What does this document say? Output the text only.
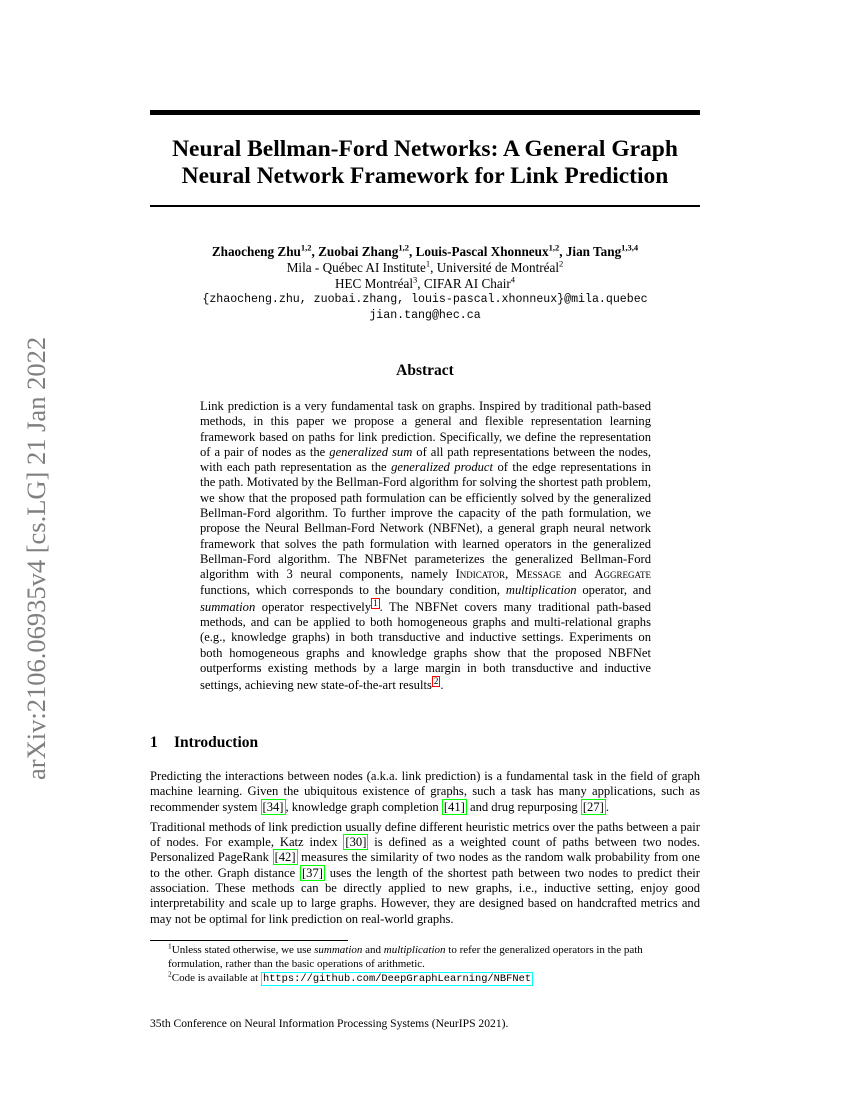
Neural Bellman-Ford Networks: A General Graph
Neural Network Framework for Link Prediction
arXiv:2106.06935v4 [cs.LG] 21 Jan 2022
Zhaocheng Zhu$^{1,2}$, Zuobai Zhang$^{1,2}$, Louis-Pascal Xhonneux$^{1,2}$, Jian Tang$^{1,3,4}$
Mila - Québec AI Institute$^1$, Université de Montréal$^2$
HEC Montréal$^3$, CIFAR AI Chair$^4$
{zhaocheng.zhu, zuobai.zhang, louis-pascal.xhonneux}@mila.quebec
jian.tang@hec.ca
Abstract
Link prediction is a very fundamental task on graphs. Inspired by traditional path-based methods, in this paper we propose a general and flexible representation learning framework based on paths for link prediction. Specifically, we define the representation of a pair of nodes as the generalized sum of all path representations between the nodes, with each path representation as the generalized product of the edge representations in the path. Motivated by the Bellman-Ford algorithm for solving the shortest path problem, we show that the proposed path formulation can be efficiently solved by the generalized Bellman-Ford algorithm. To further improve the capacity of the path formulation, we propose the Neural Bellman-Ford Network (NBFNet), a general graph neural network framework that solves the path formulation with learned operators in the generalized Bellman-Ford algorithm. The NBFNet parameterizes the generalized Bellman-Ford algorithm with 3 neural components, namely Indicator, Message and Aggregate functions, which corresponds to the boundary condition, multiplication operator, and summation operator respectively 1 . The NBFNet covers many traditional path-based methods, and can be applied to both homogeneous graphs and multi-relational graphs (e.g., knowledge graphs) in both transductive and inductive settings. Experiments on both homogeneous graphs and knowledge graphs show that the proposed NBFNet outperforms existing methods by a large margin in both transductive and inductive settings, achieving new state-of-the-art results 2 .
1 Introduction

Predicting the interactions between nodes (a.k.a. link prediction) is a fundamental task in the field of graph machine learning. Given the ubiquitous existence of graphs, such a task has many applications, such as recommender system [34] , knowledge graph completion [41] and drug repurposing [27] .

Traditional methods of link prediction usually define different heuristic metrics over the paths between a pair of nodes. For example, Katz index [30] is defined as a weighted count of paths between two nodes. Personalized PageRank [42] measures the similarity of two nodes as the random walk probability from one to the other. Graph distance [37] uses the length of the shortest path between two nodes to predict their association. These methods can be directly applied to new graphs, i.e., inductive setting, enjoy good interpretability and scale up to large graphs. However, they are designed based on handcrafted metrics and may not be optimal for link prediction on real-world graphs.

$^1$Unless stated otherwise, we use summation and multiplication to refer the generalized operators in the path formulation, rather than the basic operations of arithmetic.

$^2$Code is available at https://github.com/DeepGraphLearning/NBFNet

35th Conference on Neural Information Processing Systems (NeurIPS 2021).
